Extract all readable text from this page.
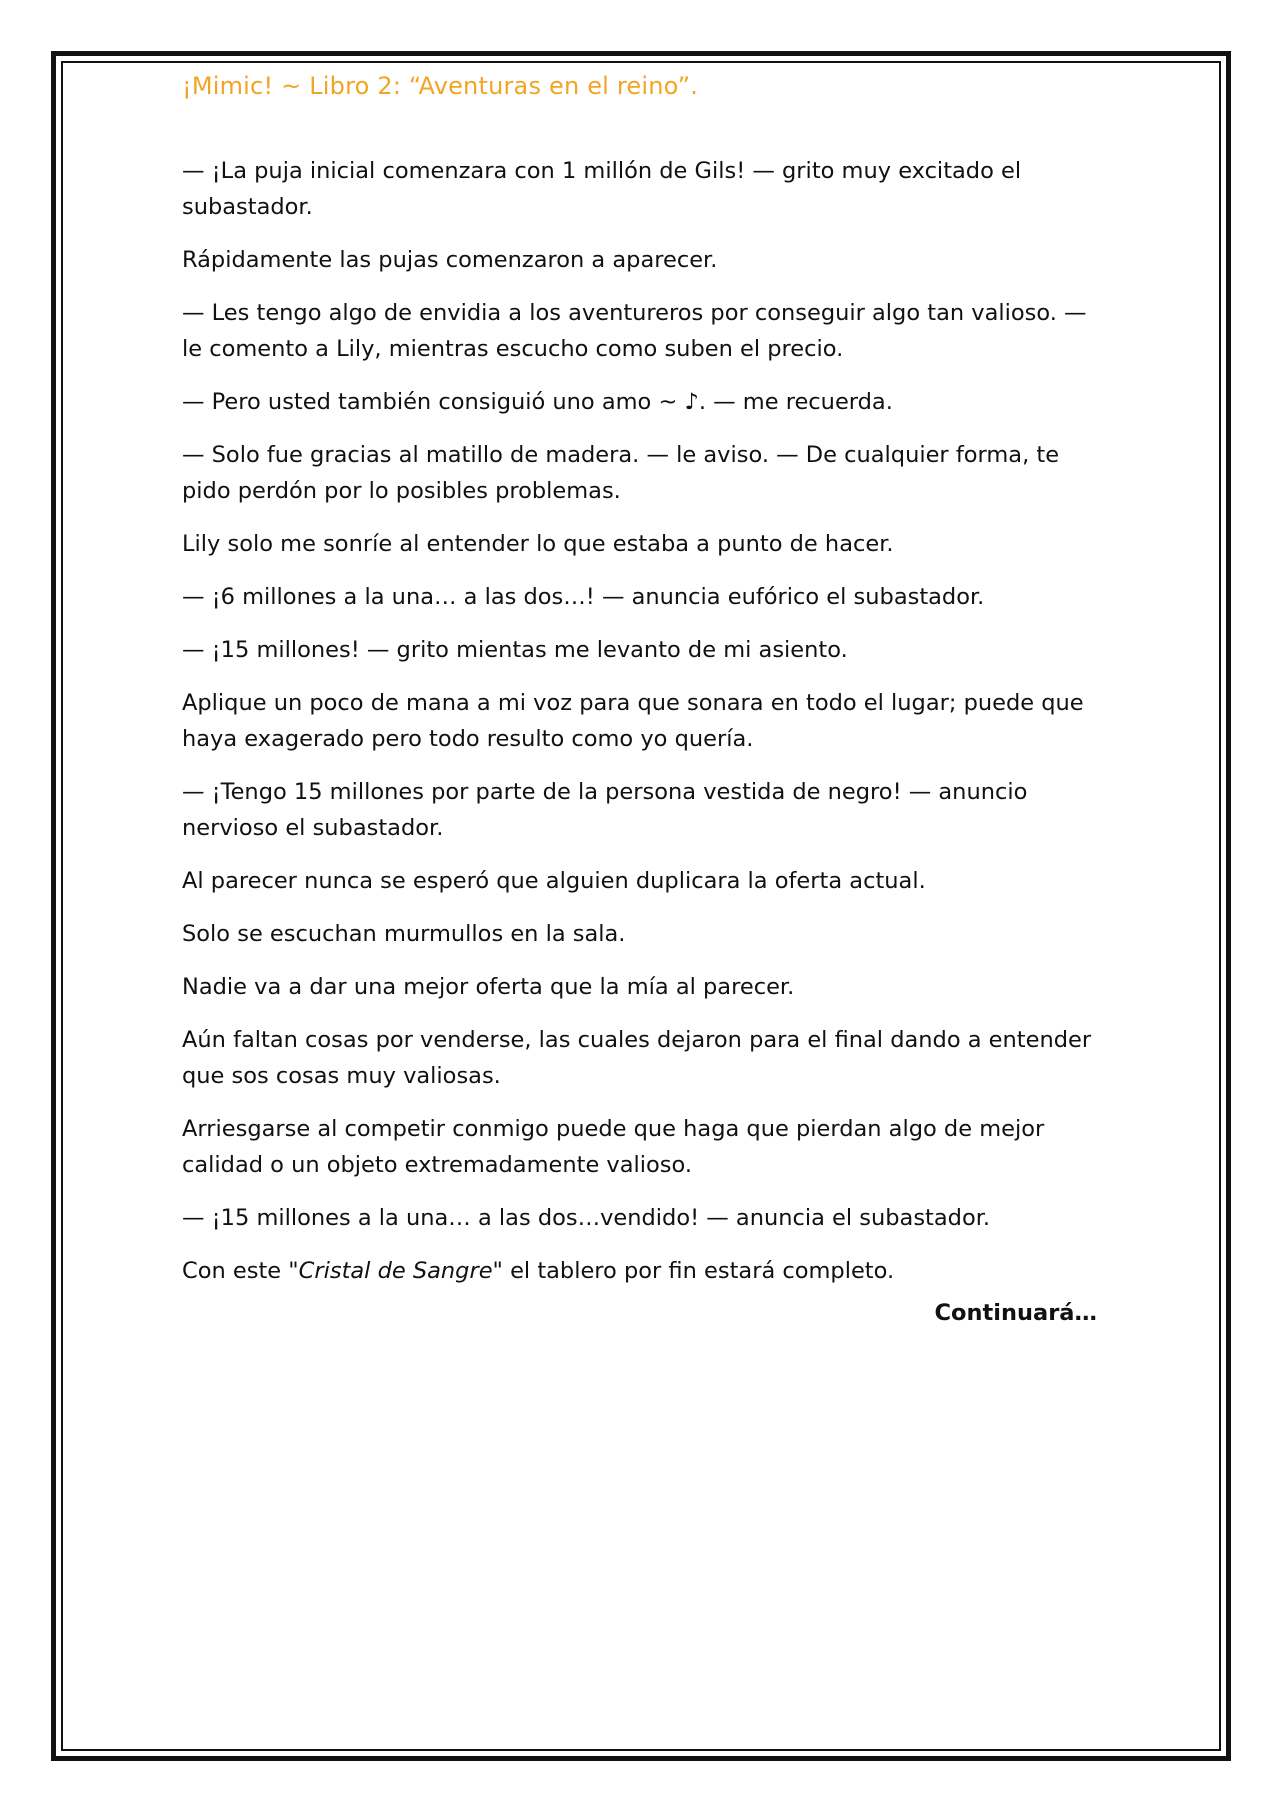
¡Mimic! ~ Libro 2: “Aventuras en el reino”.

— ¡La puja inicial comenzara con 1 millón de Gils! — grito muy excitado el subastador.

Rápidamente las pujas comenzaron a aparecer.

— Les tengo algo de envidia a los aventureros por conseguir algo tan valioso. — le comento a Lily, mientras escucho como suben el precio.

— Pero usted también consiguió uno amo ~ ♪. — me recuerda.

— Solo fue gracias al matillo de madera. — le aviso. — De cualquier forma, te pido perdón por lo posibles problemas.

Lily solo me sonríe al entender lo que estaba a punto de hacer.

— ¡6 millones a la una… a las dos…! — anuncia eufórico el subastador.

— ¡15 millones! — grito mientas me levanto de mi asiento.

Aplique un poco de mana a mi voz para que sonara en todo el lugar; puede que haya exagerado pero todo resulto como yo quería.

— ¡Tengo 15 millones por parte de la persona vestida de negro! — anuncio nervioso el subastador.

Al parecer nunca se esperó que alguien duplicara la oferta actual.

Solo se escuchan murmullos en la sala.

Nadie va a dar una mejor oferta que la mía al parecer.

Aún faltan cosas por venderse, las cuales dejaron para el final dando a entender que sos cosas muy valiosas.

Arriesgarse al competir conmigo puede que haga que pierdan algo de mejor calidad o un objeto extremadamente valioso.

— ¡15 millones a la una… a las dos…vendido! — anuncia el subastador.

Con este "Cristal de Sangre" el tablero por fin estará completo.

Continuará…
